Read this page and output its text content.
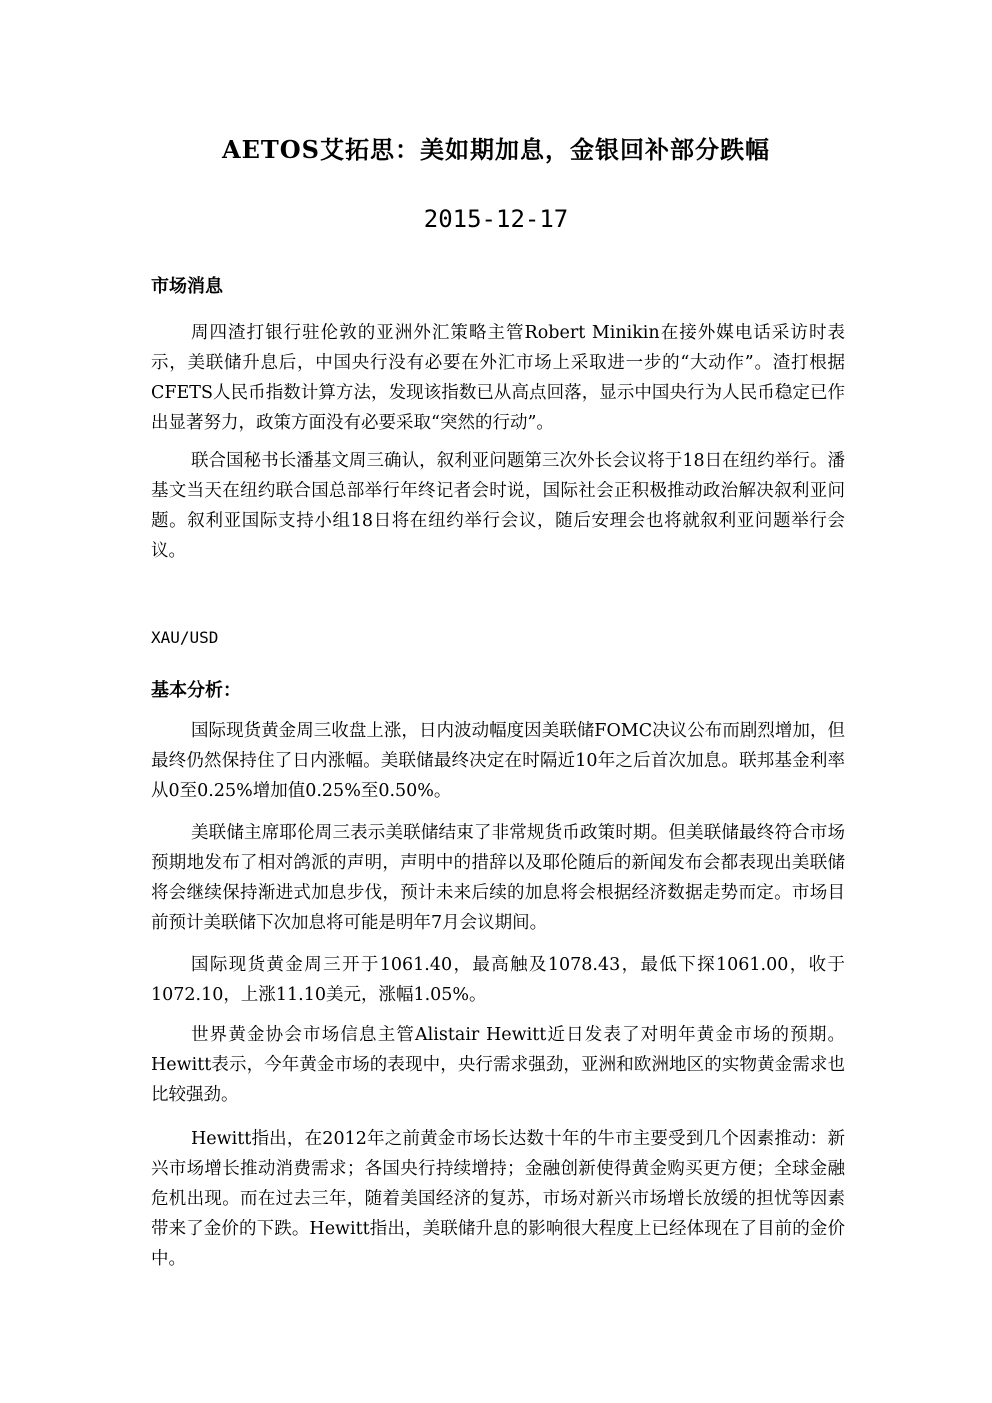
AETOS艾拓思：美如期加息，金银回补部分跌幅
2015-12-17
市场消息

周四渣打银行驻伦敦的亚洲外汇策略主管Robert Minikin在接外媒电话采访时表示，美联储升息后，中国央行没有必要在外汇市场上采取进一步的“大动作”。渣打根据CFETS人民币指数计算方法，发现该指数已从高点回落，显示中国央行为人民币稳定已作出显著努力，政策方面没有必要采取“突然的行动”。

联合国秘书长潘基文周三确认，叙利亚问题第三次外长会议将于18日在纽约举行。潘基文当天在纽约联合国总部举行年终记者会时说，国际社会正积极推动政治解决叙利亚问题。叙利亚国际支持小组18日将在纽约举行会议，随后安理会也将就叙利亚问题举行会议。

XAU/USD
基本分析：

国际现货黄金周三收盘上涨，日内波动幅度因美联储FOMC决议公布而剧烈增加，但最终仍然保持住了日内涨幅。美联储最终决定在时隔近10年之后首次加息。联邦基金利率从0至0.25%增加值0.25%至0.50%。

美联储主席耶伦周三表示美联储结束了非常规货币政策时期。但美联储最终符合市场预期地发布了相对鸽派的声明，声明中的措辞以及耶伦随后的新闻发布会都表现出美联储将会继续保持渐进式加息步伐，预计未来后续的加息将会根据经济数据走势而定。市场目前预计美联储下次加息将可能是明年7月会议期间。

国际现货黄金周三开于1061.40，最高触及1078.43，最低下探1061.00，收于1072.10，上涨11.10美元，涨幅1.05%。

世界黄金协会市场信息主管Alistair Hewitt近日发表了对明年黄金市场的预期。Hewitt表示，今年黄金市场的表现中，央行需求强劲，亚洲和欧洲地区的实物黄金需求也比较强劲。

Hewitt指出，在2012年之前黄金市场长达数十年的牛市主要受到几个因素推动：新兴市场增长推动消费需求；各国央行持续增持；金融创新使得黄金购买更方便；全球金融危机出现。而在过去三年，随着美国经济的复苏，市场对新兴市场增长放缓的担忧等因素带来了金价的下跌。Hewitt指出，美联储升息的影响很大程度上已经体现在了目前的金价中。
